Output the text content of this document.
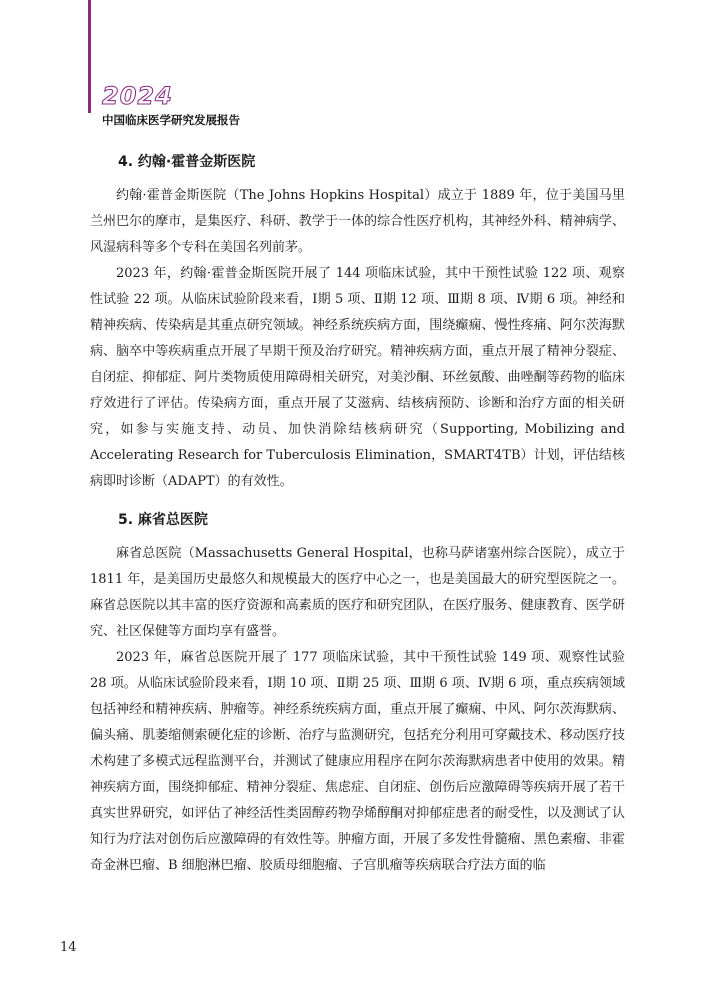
2024
中国临床医学研究发展报告
4. 约翰·霍普金斯医院

约翰·霍普金斯医院（The Johns Hopkins Hospital）成立于 1889 年，位于美国马里兰州巴尔的摩市，是集医疗、科研、教学于一体的综合性医疗机构，其神经外科、精神病学、风湿病科等多个专科在美国名列前茅。

2023 年，约翰·霍普金斯医院开展了 144 项临床试验，其中干预性试验 122 项、观察性试验 22 项。从临床试验阶段来看，Ⅰ期 5 项、Ⅱ期 12 项、Ⅲ期 8 项、Ⅳ期 6 项。神经和精神疾病、传染病是其重点研究领域。神经系统疾病方面，围绕癫痫、慢性疼痛、阿尔茨海默病、脑卒中等疾病重点开展了早期干预及治疗研究。精神疾病方面，重点开展了精神分裂症、自闭症、抑郁症、阿片类物质使用障碍相关研究，对美沙酮、环丝氨酸、曲唑酮等药物的临床疗效进行了评估。传染病方面，重点开展了艾滋病、结核病预防、诊断和治疗方面的相关研究，如参与实施支持、动员、加快消除结核病研究（Supporting, Mobilizing and Accelerating Research for Tuberculosis Elimination，SMART4TB）计划，评估结核病即时诊断（ADAPT）的有效性。

5. 麻省总医院

麻省总医院（Massachusetts General Hospital，也称马萨诸塞州综合医院），成立于 1811 年，是美国历史最悠久和规模最大的医疗中心之一，也是美国最大的研究型医院之一。麻省总医院以其丰富的医疗资源和高素质的医疗和研究团队，在医疗服务、健康教育、医学研究、社区保健等方面均享有盛誉。

2023 年，麻省总医院开展了 177 项临床试验，其中干预性试验 149 项、观察性试验 28 项。从临床试验阶段来看，Ⅰ期 10 项、Ⅱ期 25 项、Ⅲ期 6 项、Ⅳ期 6 项，重点疾病领域包括神经和精神疾病、肿瘤等。神经系统疾病方面，重点开展了癫痫、中风、阿尔茨海默病、偏头痛、肌萎缩侧索硬化症的诊断、治疗与监测研究，包括充分利用可穿戴技术、移动医疗技术构建了多模式远程监测平台，并测试了健康应用程序在阿尔茨海默病患者中使用的效果。精神疾病方面，围绕抑郁症、精神分裂症、焦虑症、自闭症、创伤后应激障碍等疾病开展了若干真实世界研究，如评估了神经活性类固醇药物孕烯醇酮对抑郁症患者的耐受性，以及测试了认知行为疗法对创伤后应激障碍的有效性等。肿瘤方面，开展了多发性骨髓瘤、黑色素瘤、非霍奇金淋巴瘤、B 细胞淋巴瘤、胶质母细胞瘤、子宫肌瘤等疾病联合疗法方面的临

14
